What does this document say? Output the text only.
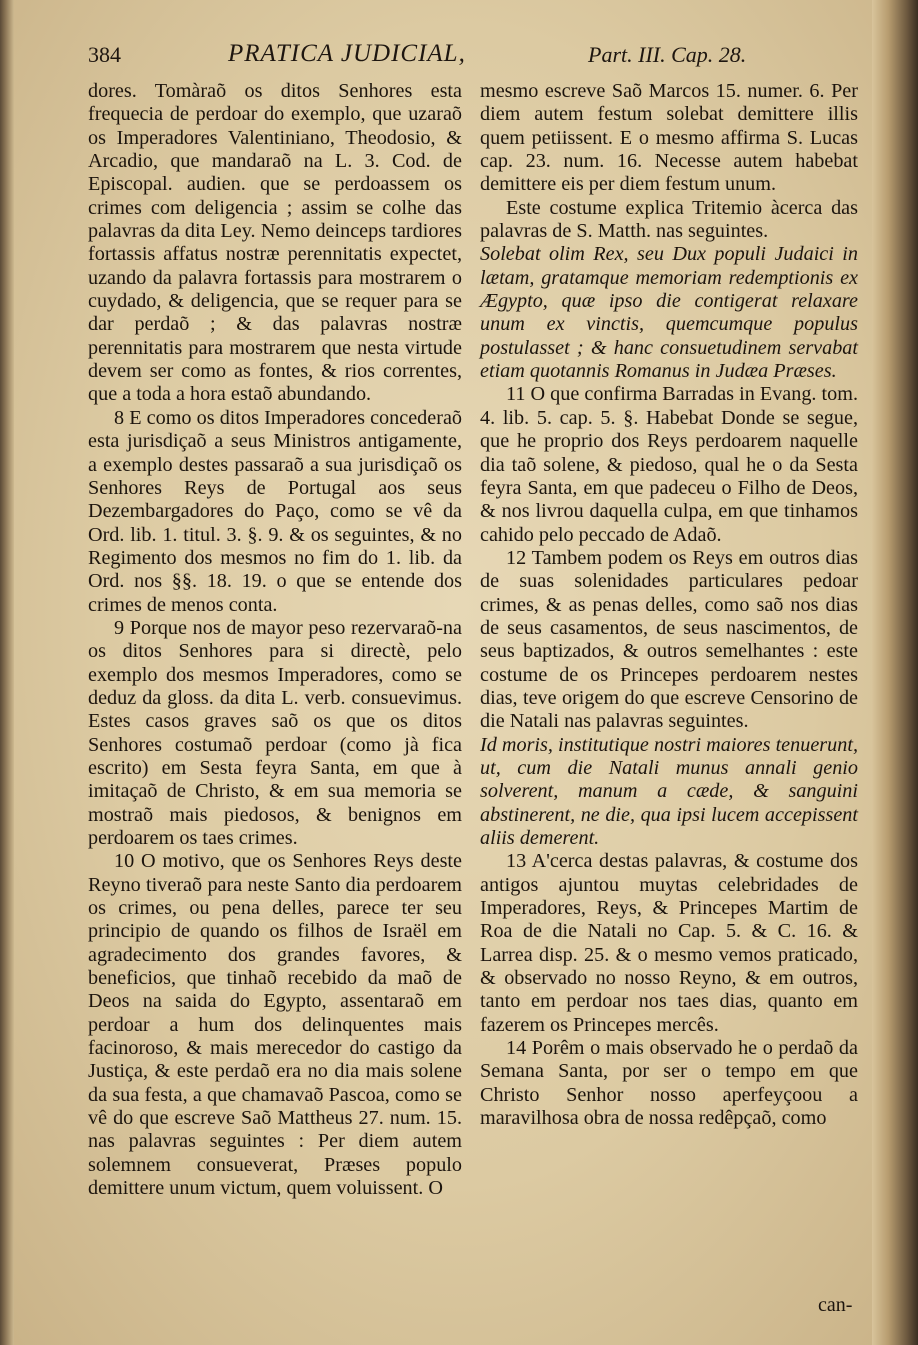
384	PRATICA JUDICIAL,	Part. III. Cap. 28.

dores. Tomàraõ os ditos Senhores esta frequecia de perdoar do exemplo, que uzaraõ os Imperadores Valentiniano, Theodosio, & Arcadio, que mandaraõ na L. 3. Cod. de Episcopal. audien. que se perdoassem os crimes com deligencia ; assim se colhe das palavras da dita Ley. Nemo deinceps tardiores fortassis affatus nostræ perennitatis expectet, uzando da palavra fortassis para mostrarem o cuydado, & deligencia, que se requer para se dar perdaõ ; & das palavras nostræ perennitatis para mostrarem que nesta virtude devem ser como as fontes, & rios correntes, que a toda a hora estaõ abundando.

8 E como os ditos Imperadores concederaõ esta jurisdiçaõ a seus Ministros antigamente, a exemplo destes passaraõ a sua jurisdiçaõ os Senhores Reys de Portugal aos seus Dezembargadores do Paço, como se vê da Ord. lib. 1. titul. 3. §. 9. & os seguintes, & no Regimento dos mesmos no fim do 1. lib. da Ord. nos §§. 18. 19. o que se entende dos crimes de menos conta.

9 Porque nos de mayor peso rezervaraõ-na os ditos Senhores para si directè, pelo exemplo dos mesmos Imperadores, como se deduz da gloss. da dita L. verb. consuevimus. Estes casos graves saõ os que os ditos Senhores costumaõ perdoar (como jà fica escrito) em Sesta feyra Santa, em que à imitaçaõ de Christo, & em sua memoria se mostraõ mais piedosos, & benignos em perdoarem os taes crimes.

10 O motivo, que os Senhores Reys deste Reyno tiveraõ para neste Santo dia perdoarem os crimes, ou pena delles, parece ter seu principio de quando os filhos de Israël em agradecimento dos grandes favores, & beneficios, que tinhaõ recebido da maõ de Deos na saida do Egypto, assentaraõ em perdoar a hum dos delinquentes mais facinoroso, & mais merecedor do castigo da Justiça, & este perdaõ era no dia mais solene da sua festa, a que chamavaõ Pascoa, como se vê do que escreve Saõ Mattheus 27. num. 15. nas palavras seguintes : Per diem autem solemnem consueverat, Præses populo demittere unum victum, quem voluissent. O

mesmo escreve Saõ Marcos 15. numer. 6. Per diem autem festum solebat demittere illis quem petiissent. E o mesmo affirma S. Lucas cap. 23. num. 16. Necesse autem habebat demittere eis per diem festum unum.

Este costume explica Tritemio àcerca das palavras de S. Matth. nas seguintes.

Solebat olim Rex, seu Dux populi Judaici in lætam, gratamque memoriam redemptionis ex Ægypto, quæ ipso die contigerat relaxare unum ex vinctis, quemcumque populus postulasset ; & hanc consuetudinem servabat etiam quotannis Romanus in Judæa Præses.

11 O que confirma Barradas in Evang. tom. 4. lib. 5. cap. 5. §. Habebat Donde se segue, que he proprio dos Reys perdoarem naquelle dia taõ solene, & piedoso, qual he o da Sesta feyra Santa, em que padeceu o Filho de Deos, & nos livrou daquella culpa, em que tinhamos cahido pelo peccado de Adaõ.

12 Tambem podem os Reys em outros dias de suas solenidades particulares pedoar crimes, & as penas delles, como saõ nos dias de seus casamentos, de seus nascimentos, de seus baptizados, & outros semelhantes : este costume de os Princepes perdoarem nestes dias, teve origem do que escreve Censorino de die Natali nas palavras seguintes.

Id moris, institutique nostri maiores tenuerunt, ut, cum die Natali munus annali genio solverent, manum a cæde, & sanguini abstinerent, ne die, qua ipsi lucem accepissent aliis demerent.

13 A'cerca destas palavras, & costume dos antigos ajuntou muytas celebridades de Imperadores, Reys, & Princepes Martim de Roa de die Natali no Cap. 5. & C. 16. & Larrea disp. 25. & o mesmo vemos praticado, & observado no nosso Reyno, & em outros, tanto em perdoar nos taes dias, quanto em fazerem os Princepes mercês.

14 Porêm o mais observado he o perdaõ da Semana Santa, por ser o tempo em que Christo Senhor nosso aperfeyçoou a maravilhosa obra de nossa redêpçaõ, como

can-
